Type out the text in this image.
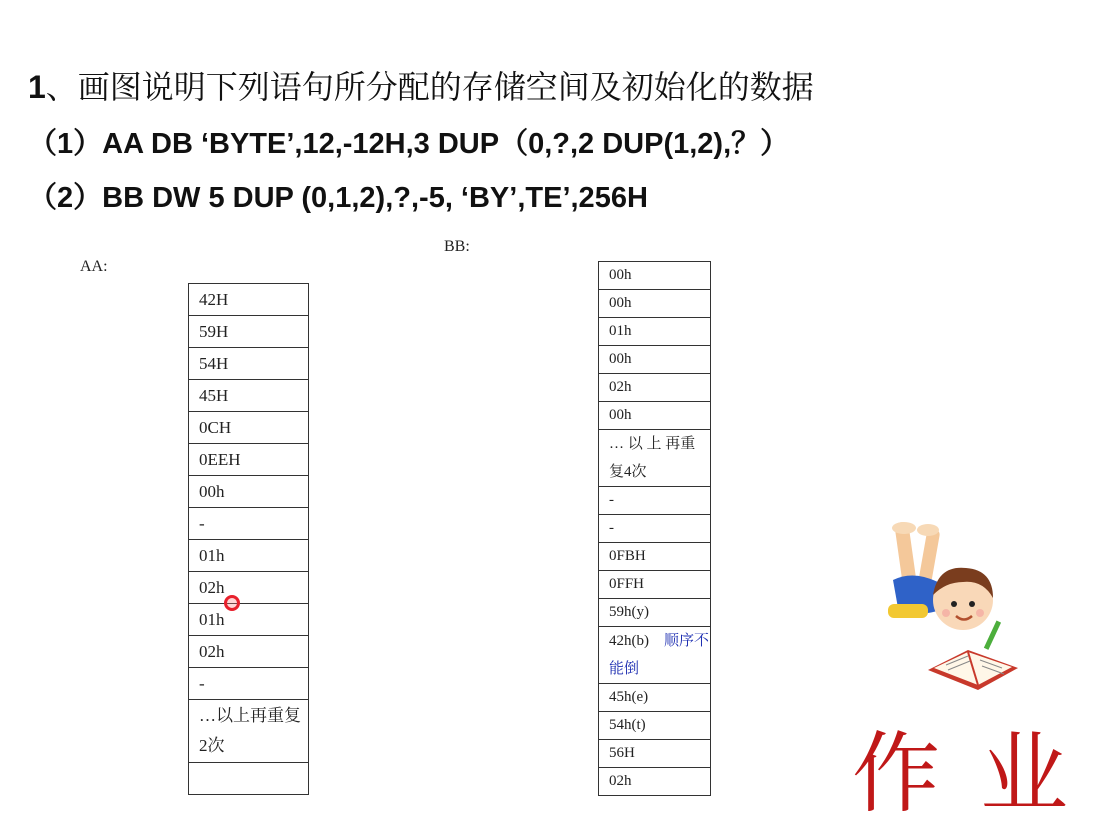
1、画图说明下列语句所分配的存储空间及初始化的数据
（1）AA DB ‘BYTE’,12,-12H,3 DUP（0,?,2 DUP(1,2),？）
（2）BB DW 5 DUP (0,1,2),?,-5, ‘BY’,TE’,256H
AA:
BB:
42H
59H
54H
45H
0CH
0EEH
00h
-
01h
02h
01h
02h
-
…以上再重复2次

00h
00h
01h
00h
02h
00h
… 以 上 再重复4次
-
-
0FBH
0FFH
59h(y)
42h(b) 顺序不能倒
45h(e)
54h(t)
56H
02h	作业
